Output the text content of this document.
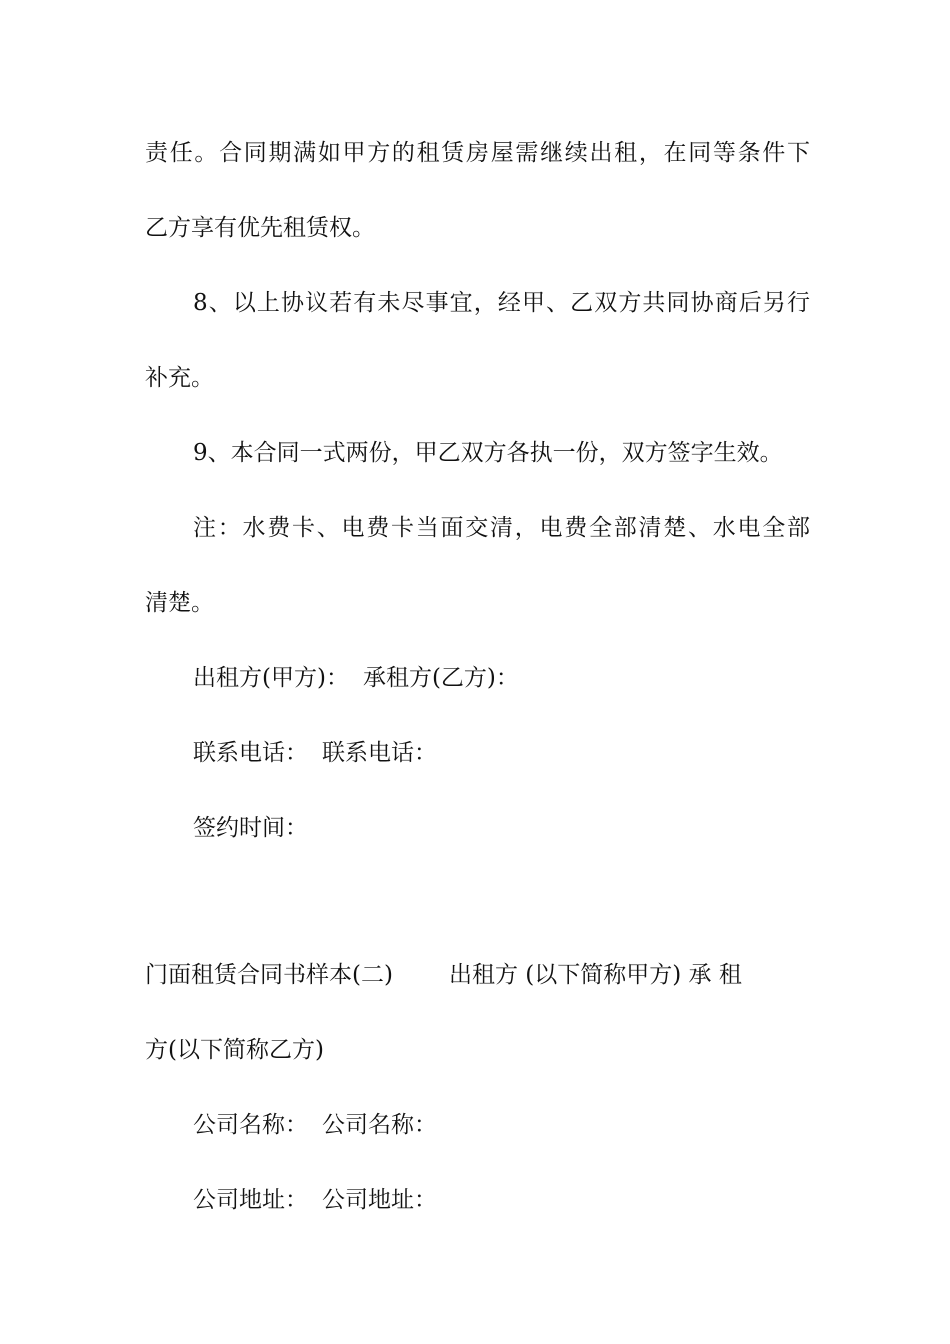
责任。合同期满如甲方的租赁房屋需继续出租，在同等条件下
乙方享有优先租赁权。
8、以上协议若有未尽事宜，经甲、乙双方共同协商后另行
补充。
9、本合同一式两份，甲乙双方各执一份，双方签字生效。
注：水费卡、电费卡当面交清，电费全部清楚、水电全部
清楚。
出租方(甲方)： 承租方(乙方)：
联系电话： 联系电话：
签约时间：
门面租赁合同书样本(二) 出租方 (以下简称甲方) 承 租
方(以下简称乙方)
公司名称： 公司名称：
公司地址： 公司地址：
